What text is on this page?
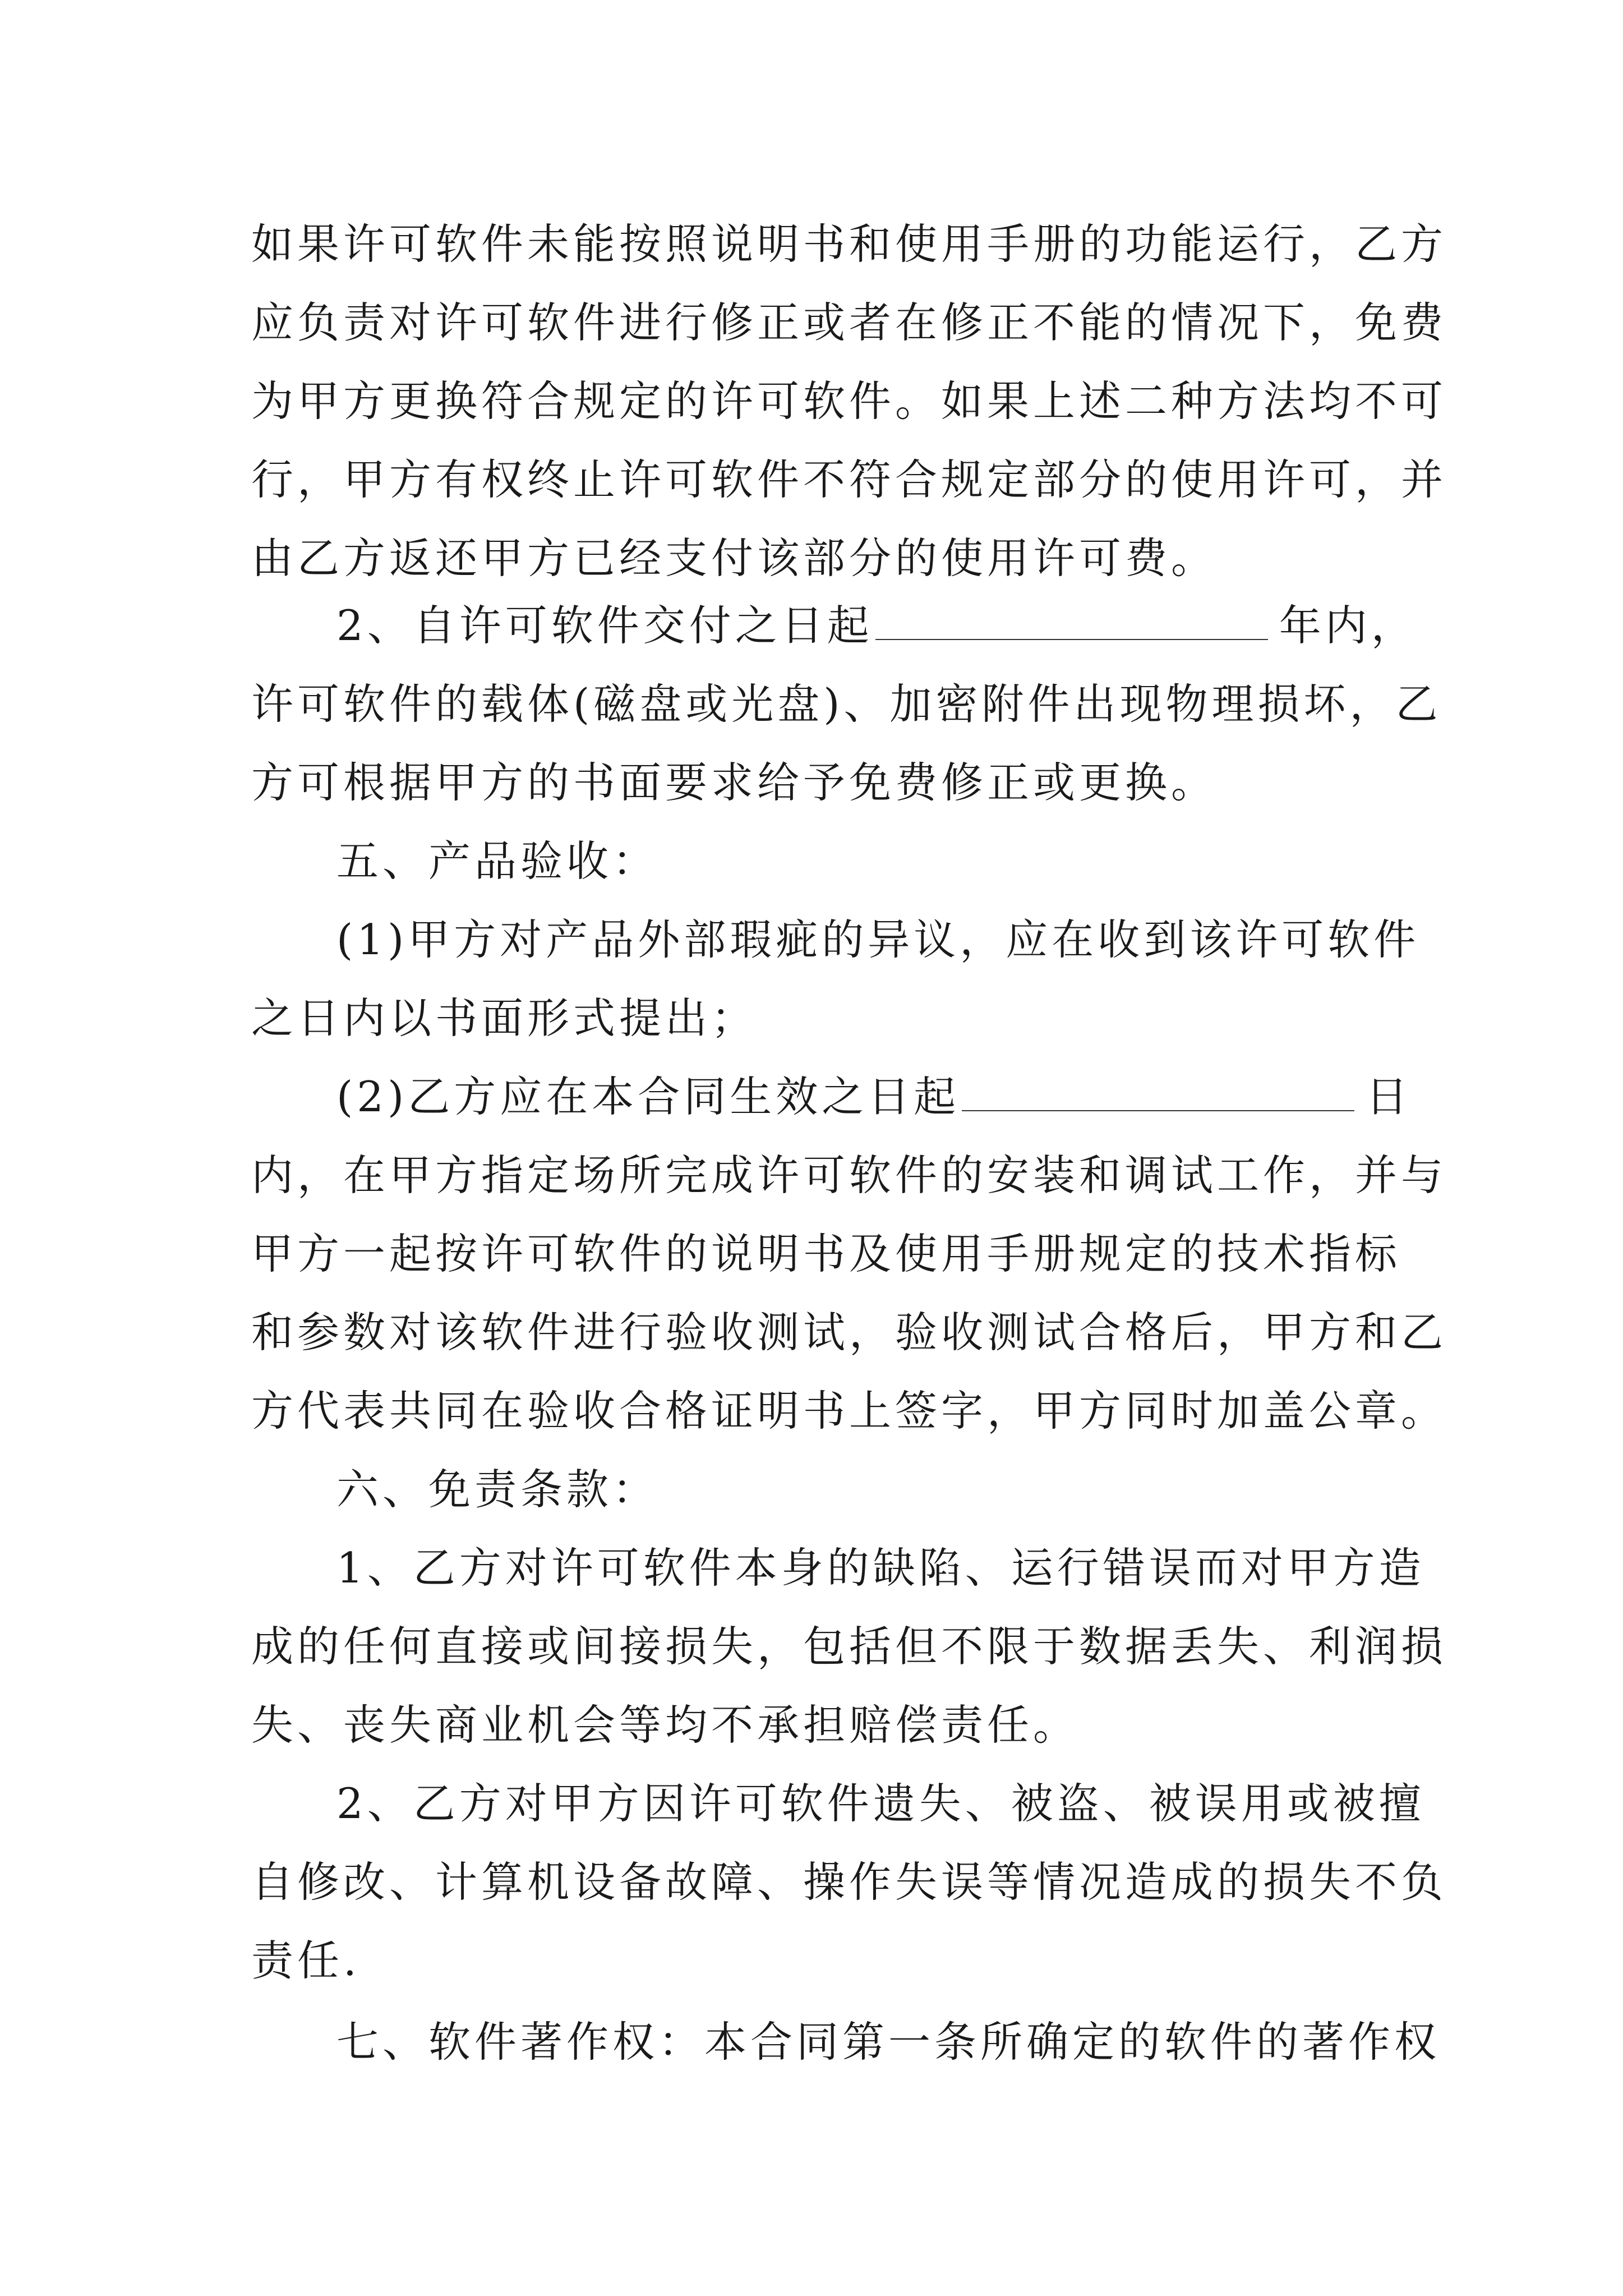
如果许可软件未能按照说明书和使用手册的功能运行，乙方
应负责对许可软件进行修正或者在修正不能的情况下，免费
为甲方更换符合规定的许可软件。如果上述二种方法均不可
行，甲方有权终止许可软件不符合规定部分的使用许可，并
由乙方返还甲方已经支付该部分的使用许可费。
2、自许可软件交付之日起	年内，
许可软件的载体(磁盘或光盘)、加密附件出现物理损坏，乙
方可根据甲方的书面要求给予免费修正或更换。
五、产品验收：
(1)甲方对产品外部瑕疵的异议，应在收到该许可软件
之日内以书面形式提出；
(2)乙方应在本合同生效之日起	日
内，在甲方指定场所完成许可软件的安装和调试工作，并与
甲方一起按许可软件的说明书及使用手册规定的技术指标
和参数对该软件进行验收测试，验收测试合格后，甲方和乙
方代表共同在验收合格证明书上签字，甲方同时加盖公章。
六、免责条款：
1、乙方对许可软件本身的缺陷、运行错误而对甲方造
成的任何直接或间接损失，包括但不限于数据丢失、利润损
失、丧失商业机会等均不承担赔偿责任。
2、乙方对甲方因许可软件遗失、被盗、被误用或被擅
自修改、计算机设备故障、操作失误等情况造成的损失不负
责任.
七、软件著作权：本合同第一条所确定的软件的著作权
